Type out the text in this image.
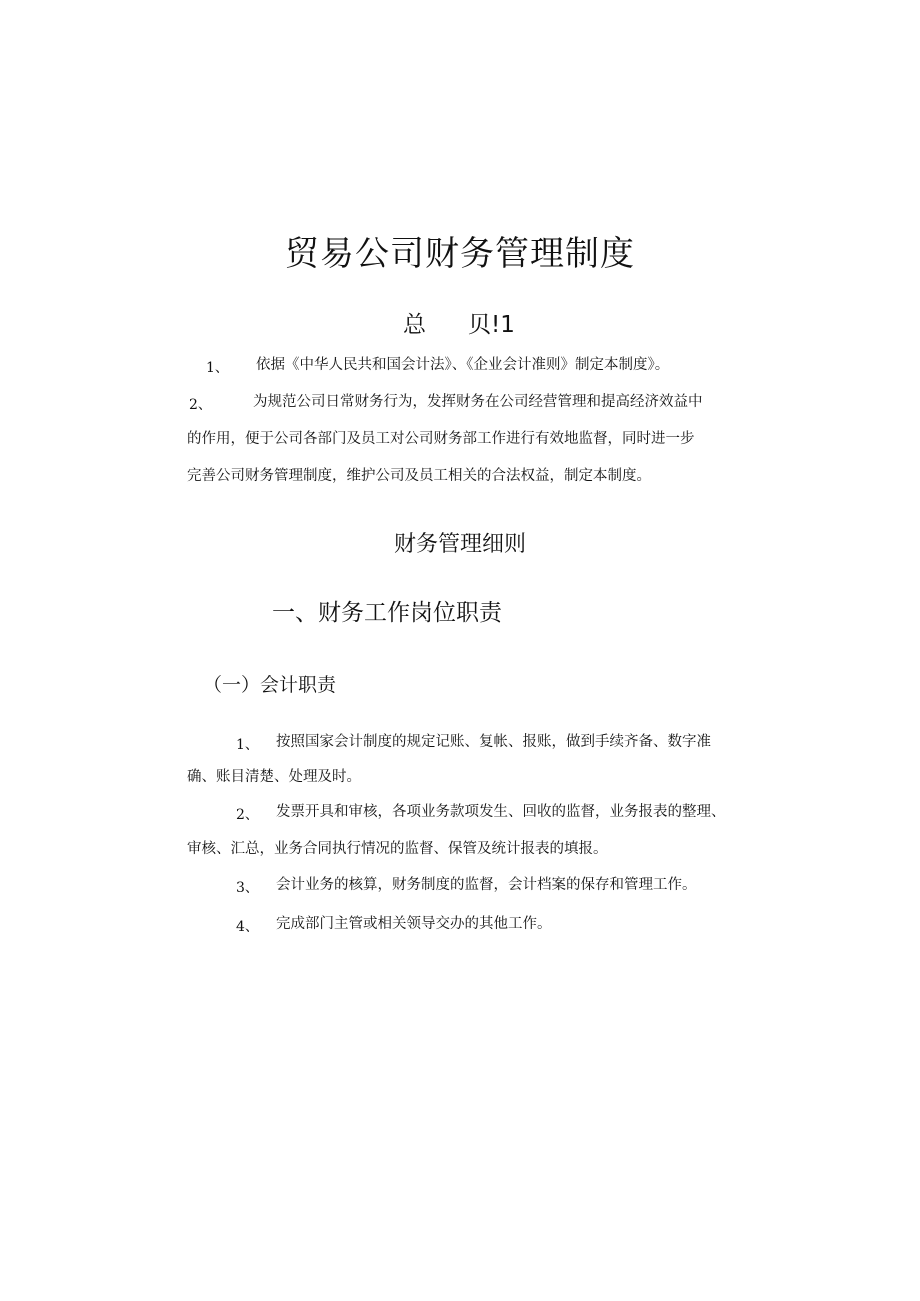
贸易公司财务管理制度
总 贝!1
1、 依据《中华人民共和国会计法》、《企业会计准则》制定本制度》。
2、	为规范公司日常财务行为，发挥财务在公司经营管理和提高经济效益中
的作用，便于公司各部门及员工对公司财务部工作进行有效地监督，同时进一步
完善公司财务管理制度，维护公司及员工相关的合法权益，制定本制度。
财务管理细则
一、财务工作岗位职责
（一）会计职责
1、 按照国家会计制度的规定记账、复帐、报账，做到手续齐备、数字准
确、账目清楚、处理及时。
2、 发票开具和审核，各项业务款项发生、回收的监督，业务报表的整理、
审核、汇总，业务合同执行情况的监督、保管及统计报表的填报。
3、 会计业务的核算，财务制度的监督，会计档案的保存和管理工作。
4、 完成部门主管或相关领导交办的其他工作。
